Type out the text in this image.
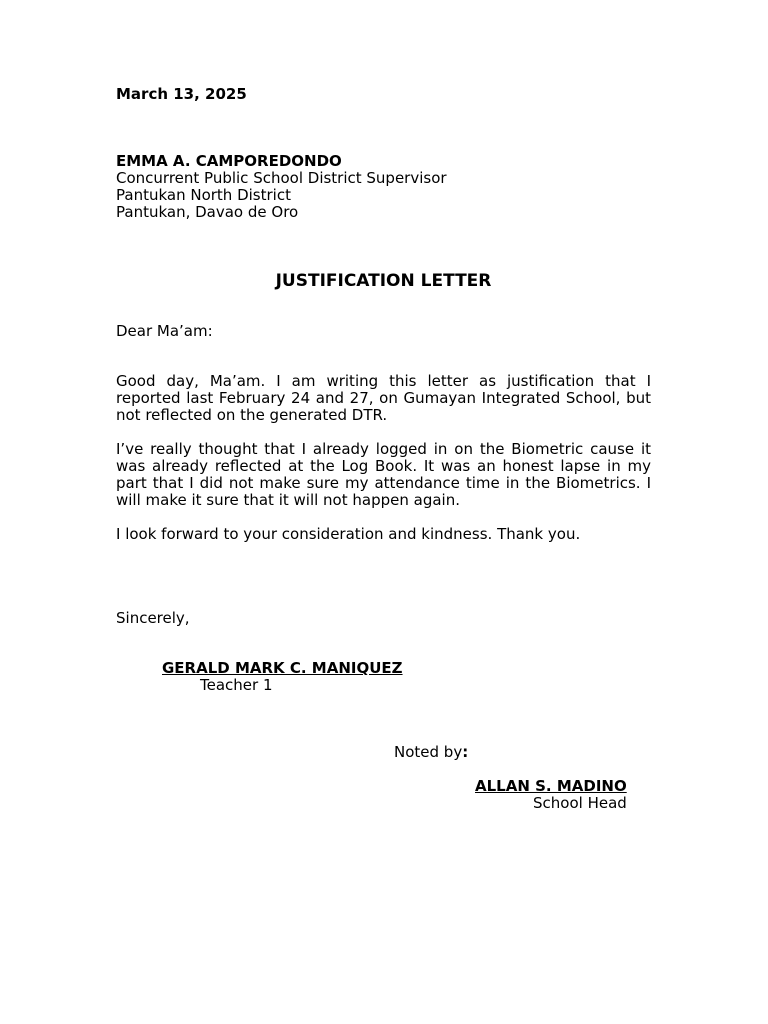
March 13, 2025
EMMA A. CAMPOREDONDO
Concurrent Public School District Supervisor
Pantukan North District
Pantukan, Davao de Oro
JUSTIFICATION LETTER
Dear Ma’am:

Good day, Ma’am. I am writing this letter as justification that I reported last February 24 and 27, on Gumayan Integrated School, but not reflected on the generated DTR.

I’ve really thought that I already logged in on the Biometric cause it was already reflected at the Log Book. It was an honest lapse in my part that I did not make sure my attendance time in the Biometrics. I will make it sure that it will not happen again.

I look forward to your consideration and kindness. Thank you.

Sincerely,
GERALD MARK C. MANIQUEZ
Teacher 1
Noted by:
ALLAN S. MADINO
School Head
